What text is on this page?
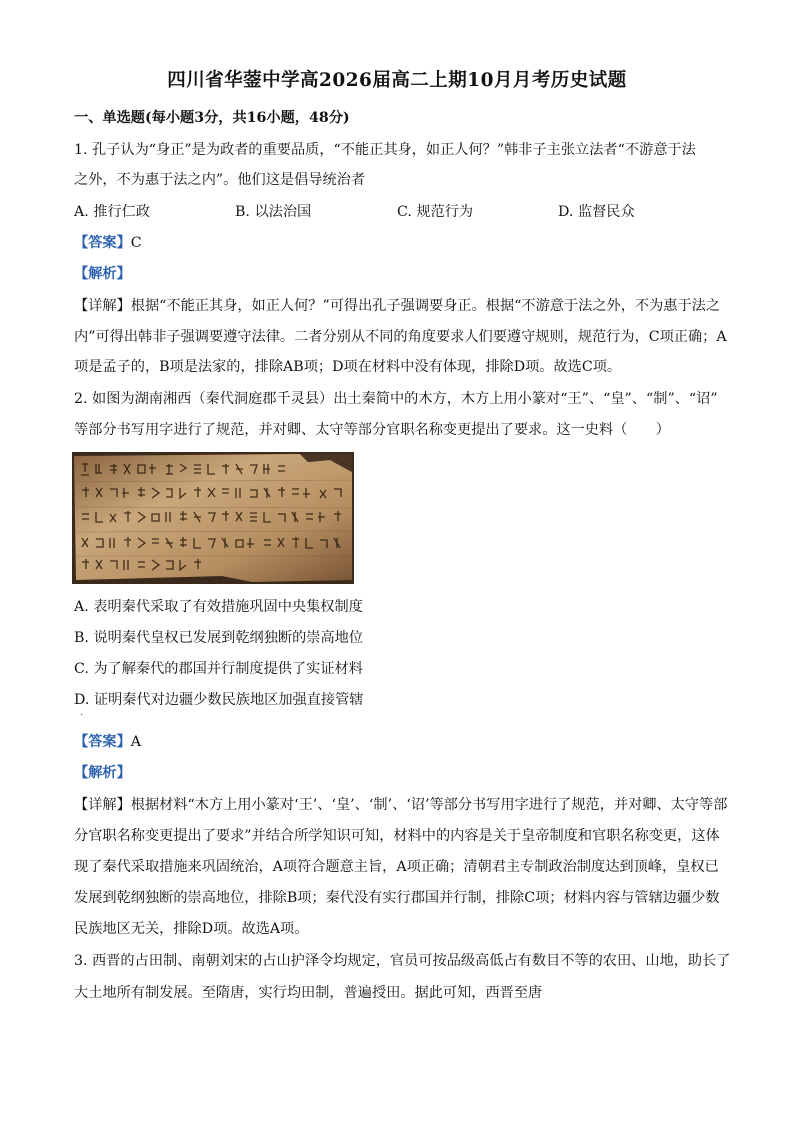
四川省华蓥中学高2026届高二上期10月月考历史试题
一、单选题(每小题3分，共16小题，48分)
1. 孔子认为“身正”是为政者的重要品质，“不能正其身，如正人何？”韩非子主张立法者“不游意于法
之外，不为惠于法之内”。他们这是倡导统治者
A. 推行仁政	B. 以法治国	C. 规范行为	D. 监督民众
【答案】C
【解析】
【详解】根据“不能正其身，如正人何？”可得出孔子强调要身正。根据“不游意于法之外，不为惠于法之
内”可得出韩非子强调要遵守法律。二者分别从不同的角度要求人们要遵守规则，规范行为，C项正确；A
项是孟子的，B项是法家的，排除AB项；D项在材料中没有体现，排除D项。故选C项。
2. 如图为湖南湘西（秦代洞庭郡千灵县）出土秦简中的木方，木方上用小篆对“王”、“皇”、“制”、“诏”
等部分书写用字进行了规范，并对卿、太守等部分官职名称变更提出了要求。这一史料（　　）
A. 表明秦代采取了有效措施巩固中央集权制度
B. 说明秦代皇权已发展到乾纲独断的崇高地位
C. 为了解秦代的郡国并行制度提供了实证材料
D. 证明秦代对边疆少数民族地区加强直接管辖
·
【答案】A
【解析】
【详解】根据材料“木方上用小篆对‘王’、‘皇’、‘制’、‘诏’等部分书写用字进行了规范，并对卿、太守等部
分官职名称变更提出了要求”并结合所学知识可知，材料中的内容是关于皇帝制度和官职名称变更，这体
现了秦代采取措施来巩固统治，A项符合题意主旨，A项正确；清朝君主专制政治制度达到顶峰，皇权已
发展到乾纲独断的崇高地位，排除B项；秦代没有实行郡国并行制，排除C项；材料内容与管辖边疆少数
民族地区无关，排除D项。故选A项。
3. 西晋的占田制、南朝刘宋的占山护泽令均规定，官员可按品级高低占有数目不等的农田、山地，助长了
大土地所有制发展。至隋唐，实行均田制，普遍授田。据此可知，西晋至唐
